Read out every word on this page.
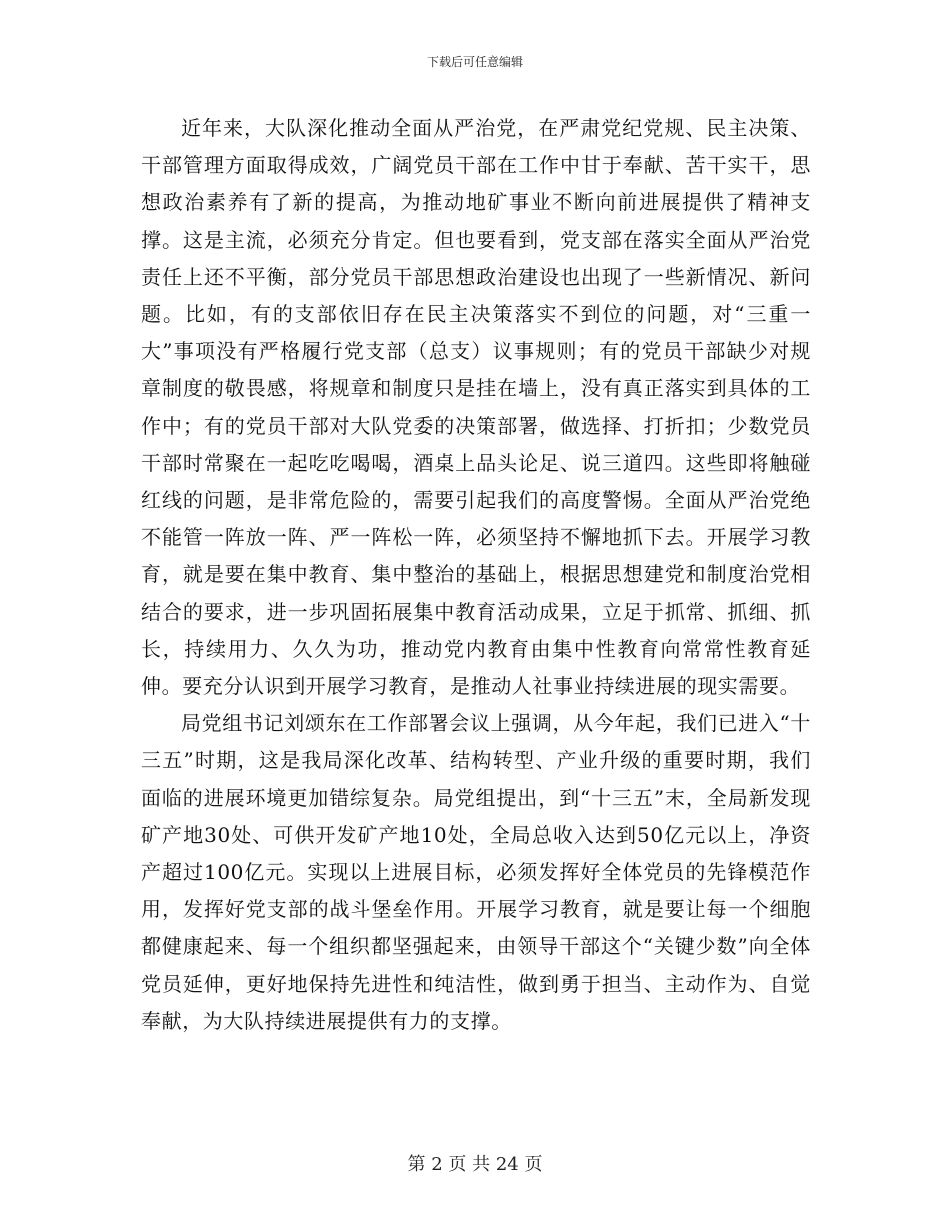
下载后可任意编辑

近年来，大队深化推动全面从严治党，在严肃党纪党规、民主决策、干部管理方面取得成效，广阔党员干部在工作中甘于奉献、苦干实干，思想政治素养有了新的提高，为推动地矿事业不断向前进展提供了精神支撑。这是主流，必须充分肯定。但也要看到，党支部在落实全面从严治党责任上还不平衡，部分党员干部思想政治建设也出现了一些新情况、新问题。比如，有的支部依旧存在民主决策落实不到位的问题，对“三重一大”事项没有严格履行党支部（总支）议事规则；有的党员干部缺少对规章制度的敬畏感，将规章和制度只是挂在墙上，没有真正落实到具体的工作中；有的党员干部对大队党委的决策部署，做选择、打折扣；少数党员干部时常聚在一起吃吃喝喝，酒桌上品头论足、说三道四。这些即将触碰红线的问题，是非常危险的，需要引起我们的高度警惕。全面从严治党绝不能管一阵放一阵、严一阵松一阵，必须坚持不懈地抓下去。开展学习教育，就是要在集中教育、集中整治的基础上，根据思想建党和制度治党相结合的要求，进一步巩固拓展集中教育活动成果，立足于抓常、抓细、抓长，持续用力、久久为功，推动党内教育由集中性教育向常常性教育延伸。要充分认识到开展学习教育，是推动人社事业持续进展的现实需要。

局党组书记刘颂东在工作部署会议上强调，从今年起，我们已进入“十三五”时期，这是我局深化改革、结构转型、产业升级的重要时期，我们面临的进展环境更加错综复杂。局党组提出，到“十三五”末，全局新发现矿产地30处、可供开发矿产地10处，全局总收入达到50亿元以上，净资产超过100亿元。实现以上进展目标，必须发挥好全体党员的先锋模范作用，发挥好党支部的战斗堡垒作用。开展学习教育，就是要让每一个细胞都健康起来、每一个组织都坚强起来，由领导干部这个“关键少数”向全体党员延伸，更好地保持先进性和纯洁性，做到勇于担当、主动作为、自觉奉献，为大队持续进展提供有力的支撑。

第 2 页 共 24 页
